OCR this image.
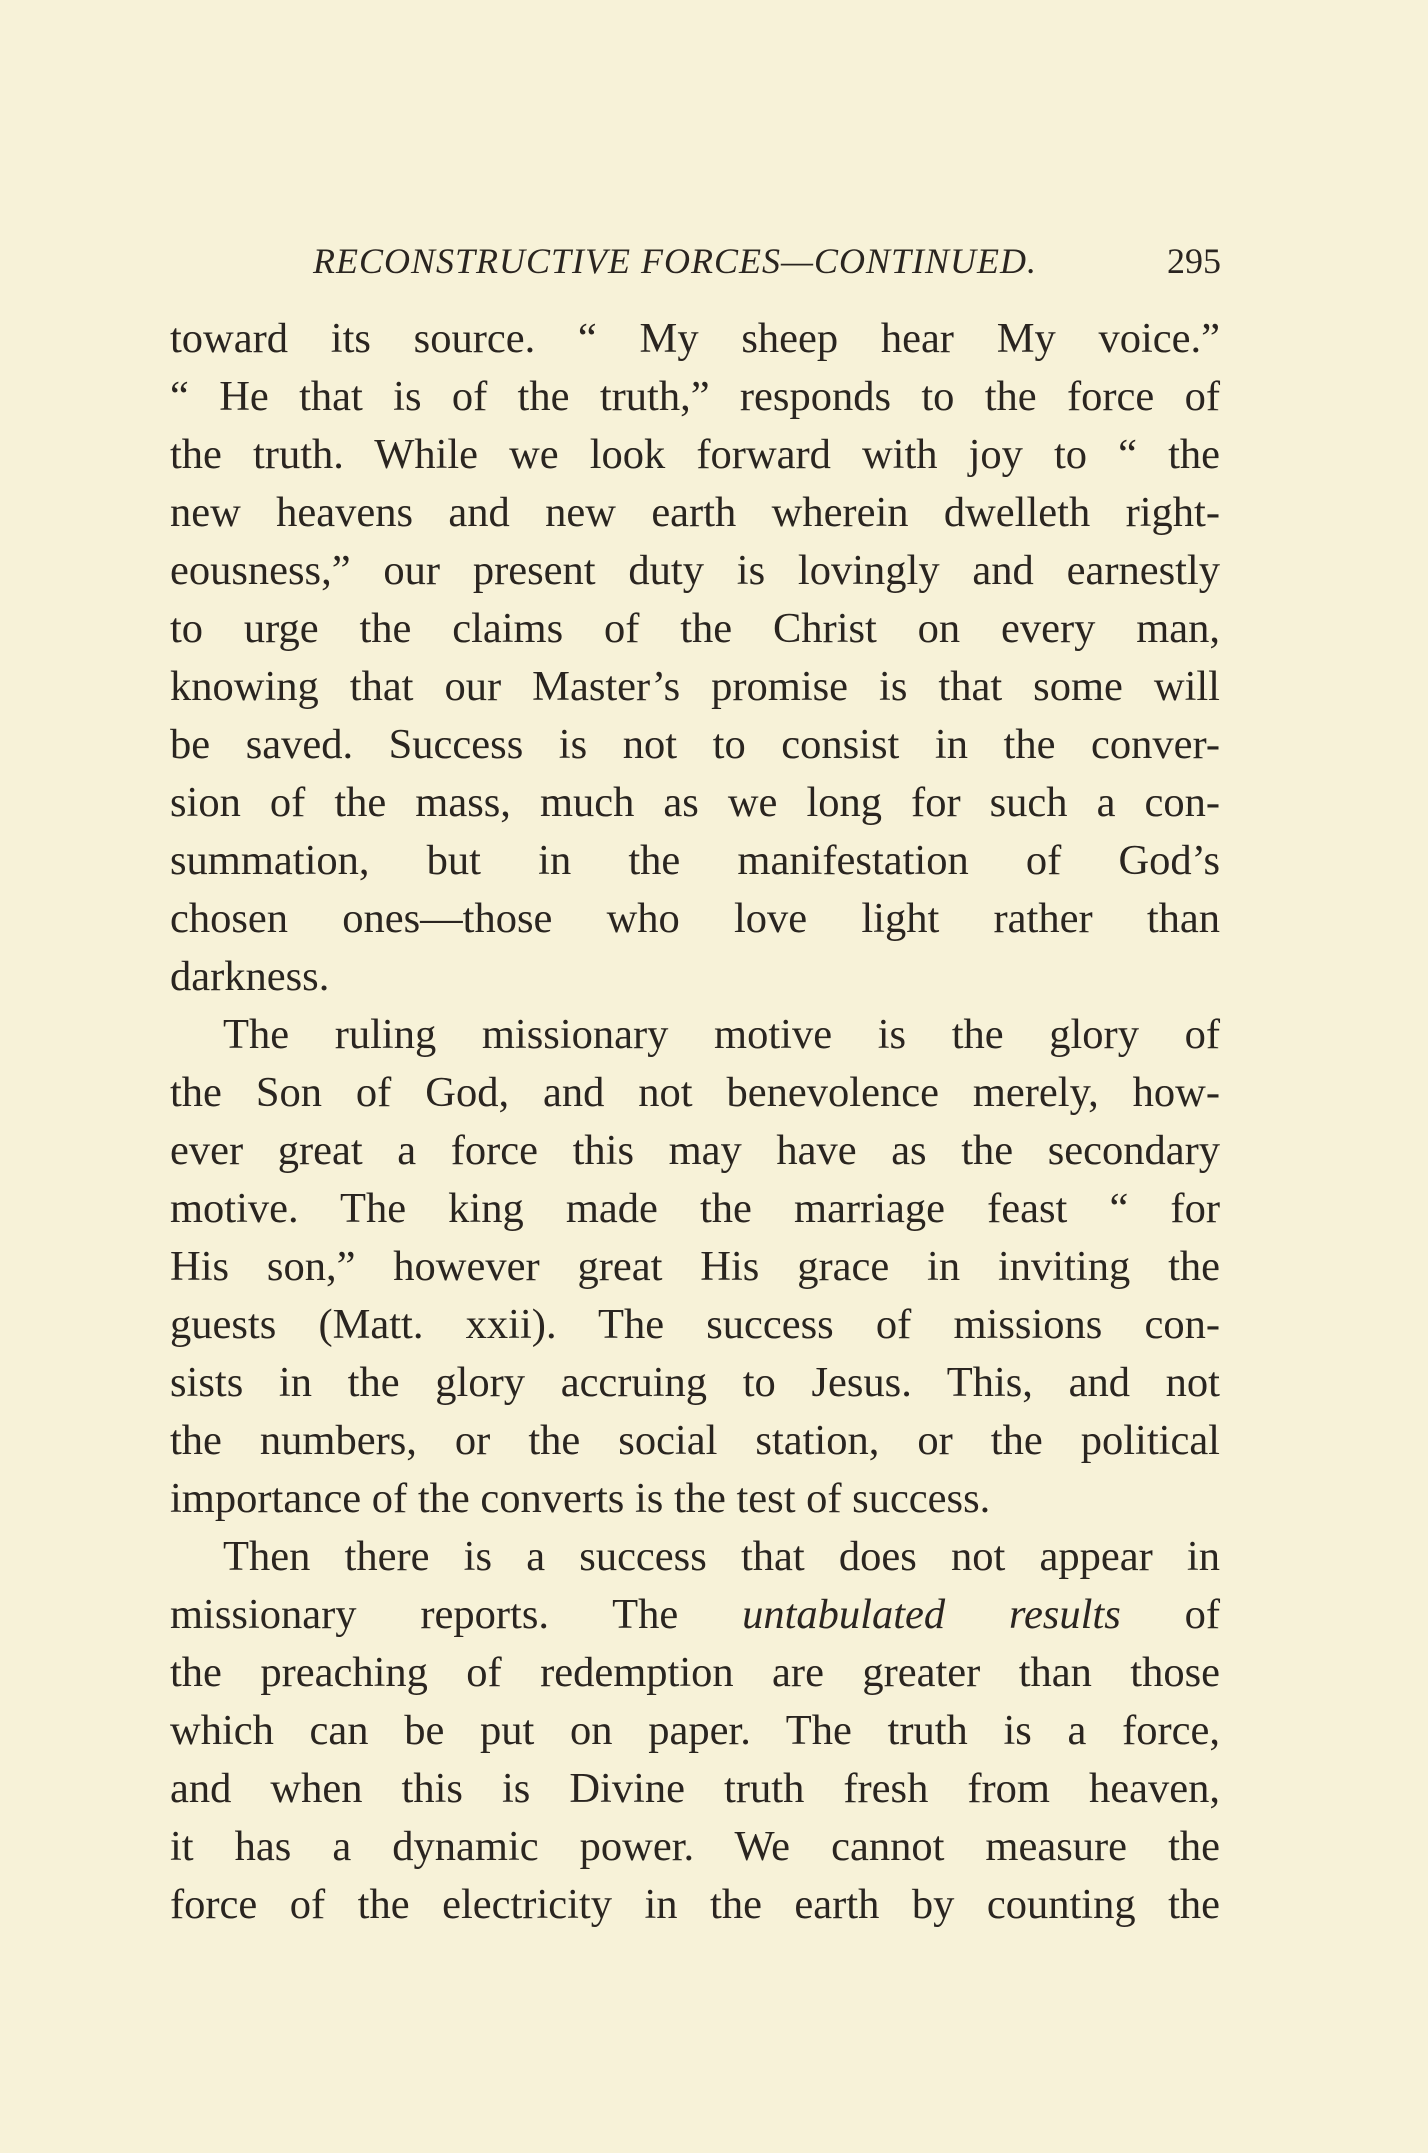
RECONSTRUCTIVE FORCES—CONTINUED.	295
toward its source. “ My sheep hear My voice.”
“ He that is of the truth,” responds to the force of
the truth. While we look forward with joy to “ the
new heavens and new earth wherein dwelleth right-
eousness,” our present duty is lovingly and earnestly
to urge the claims of the Christ on every man,
knowing that our Master’s promise is that some will
be saved. Success is not to consist in the conver-
sion of the mass, much as we long for such a con-
summation, but in the manifestation of God’s
chosen ones—those who love light rather than
darkness.
The ruling missionary motive is the glory of
the Son of God, and not benevolence merely, how-
ever great a force this may have as the secondary
motive. The king made the marriage feast “ for
His son,” however great His grace in inviting the
guests (Matt. xxii). The success of missions con-
sists in the glory accruing to Jesus. This, and not
the numbers, or the social station, or the political
importance of the converts is the test of success.
Then there is a success that does not appear in
missionary reports. The untabulated results of
the preaching of redemption are greater than those
which can be put on paper. The truth is a force,
and when this is Divine truth fresh from heaven,
it has a dynamic power. We cannot measure the
force of the electricity in the earth by counting the
